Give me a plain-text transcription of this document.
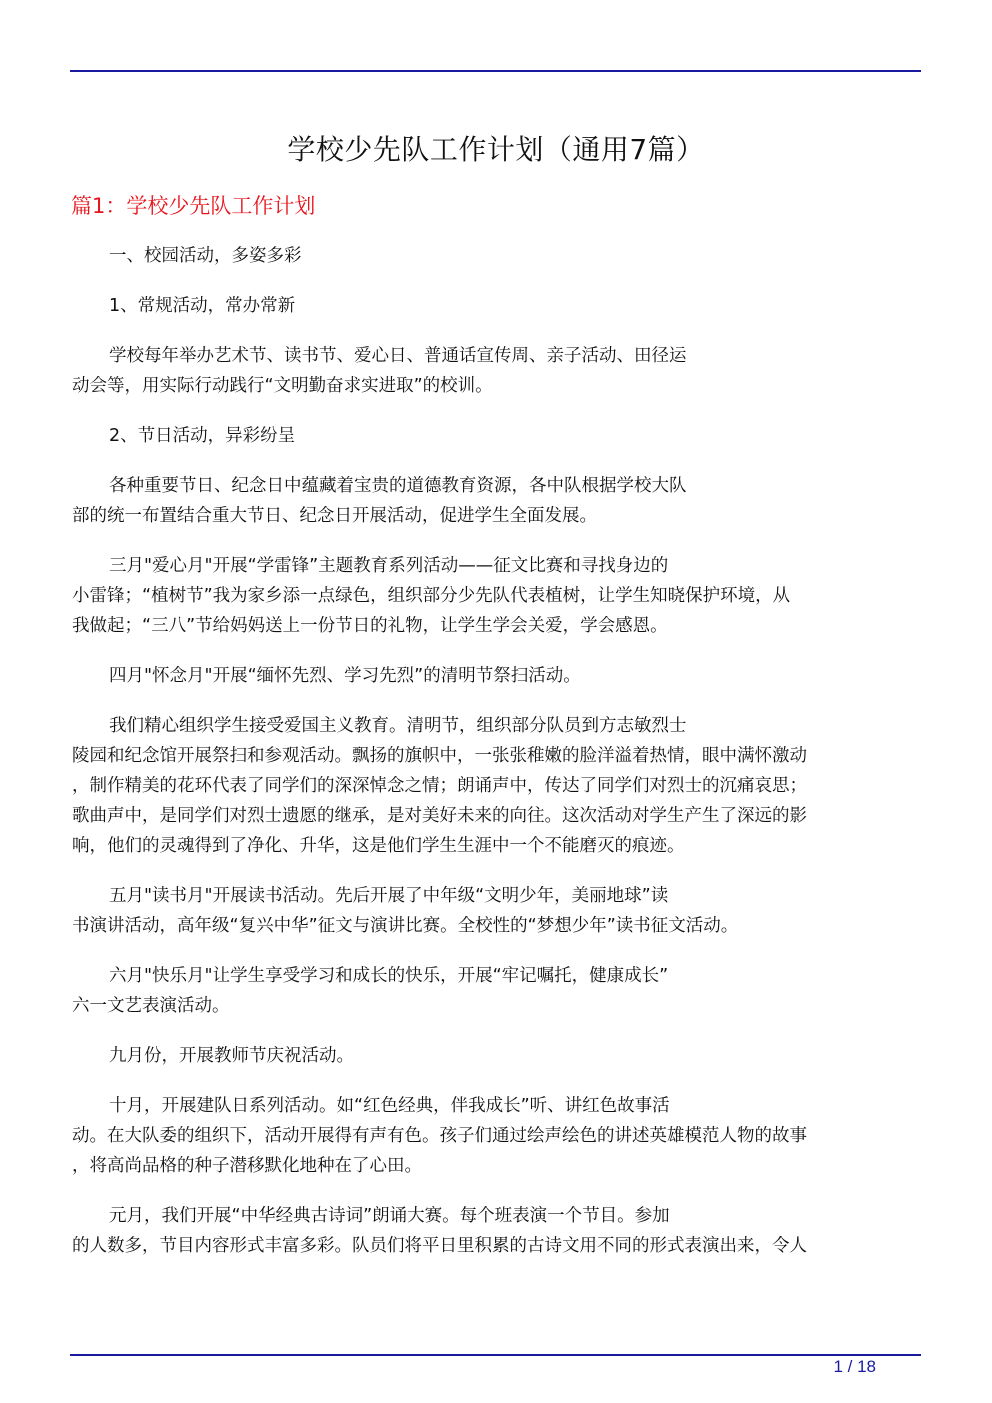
学校少先队工作计划（通用7篇）
篇1：学校少先队工作计划
一、校园活动，多姿多彩
1、常规活动，常办常新
学校每年举办艺术节、读书节、爱心日、普通话宣传周、亲子活动、田径运
动会等，用实际行动践行“文明勤奋求实进取”的校训。
2、节日活动，异彩纷呈
各种重要节日、纪念日中蕴藏着宝贵的道德教育资源，各中队根据学校大队
部的统一布置结合重大节日、纪念日开展活动，促进学生全面发展。
三月"爱心月"开展“学雷锋”主题教育系列活动——征文比赛和寻找身边的
小雷锋；“植树节”我为家乡添一点绿色，组织部分少先队代表植树，让学生知晓保护环境，从
我做起；“三八”节给妈妈送上一份节日的礼物，让学生学会关爱，学会感恩。
四月"怀念月"开展“缅怀先烈、学习先烈”的清明节祭扫活动。
我们精心组织学生接受爱国主义教育。清明节，组织部分队员到方志敏烈士
陵园和纪念馆开展祭扫和参观活动。飘扬的旗帜中，一张张稚嫩的脸洋溢着热情，眼中满怀激动
，制作精美的花环代表了同学们的深深悼念之情；朗诵声中，传达了同学们对烈士的沉痛哀思；
歌曲声中，是同学们对烈士遗愿的继承，是对美好未来的向往。这次活动对学生产生了深远的影
响，他们的灵魂得到了净化、升华，这是他们学生生涯中一个不能磨灭的痕迹。
五月"读书月"开展读书活动。先后开展了中年级“文明少年，美丽地球”读
书演讲活动，高年级“复兴中华”征文与演讲比赛。全校性的“梦想少年”读书征文活动。
六月"快乐月"让学生享受学习和成长的快乐，开展“牢记嘱托，健康成长”
六一文艺表演活动。
九月份，开展教师节庆祝活动。
十月，开展建队日系列活动。如“红色经典，伴我成长”听、讲红色故事活
动。在大队委的组织下，活动开展得有声有色。孩子们通过绘声绘色的讲述英雄模范人物的故事
，将高尚品格的种子潜移默化地种在了心田。
元月，我们开展“中华经典古诗词”朗诵大赛。每个班表演一个节目。参加
的人数多，节目内容形式丰富多彩。队员们将平日里积累的古诗文用不同的形式表演出来，令人
1 / 18
